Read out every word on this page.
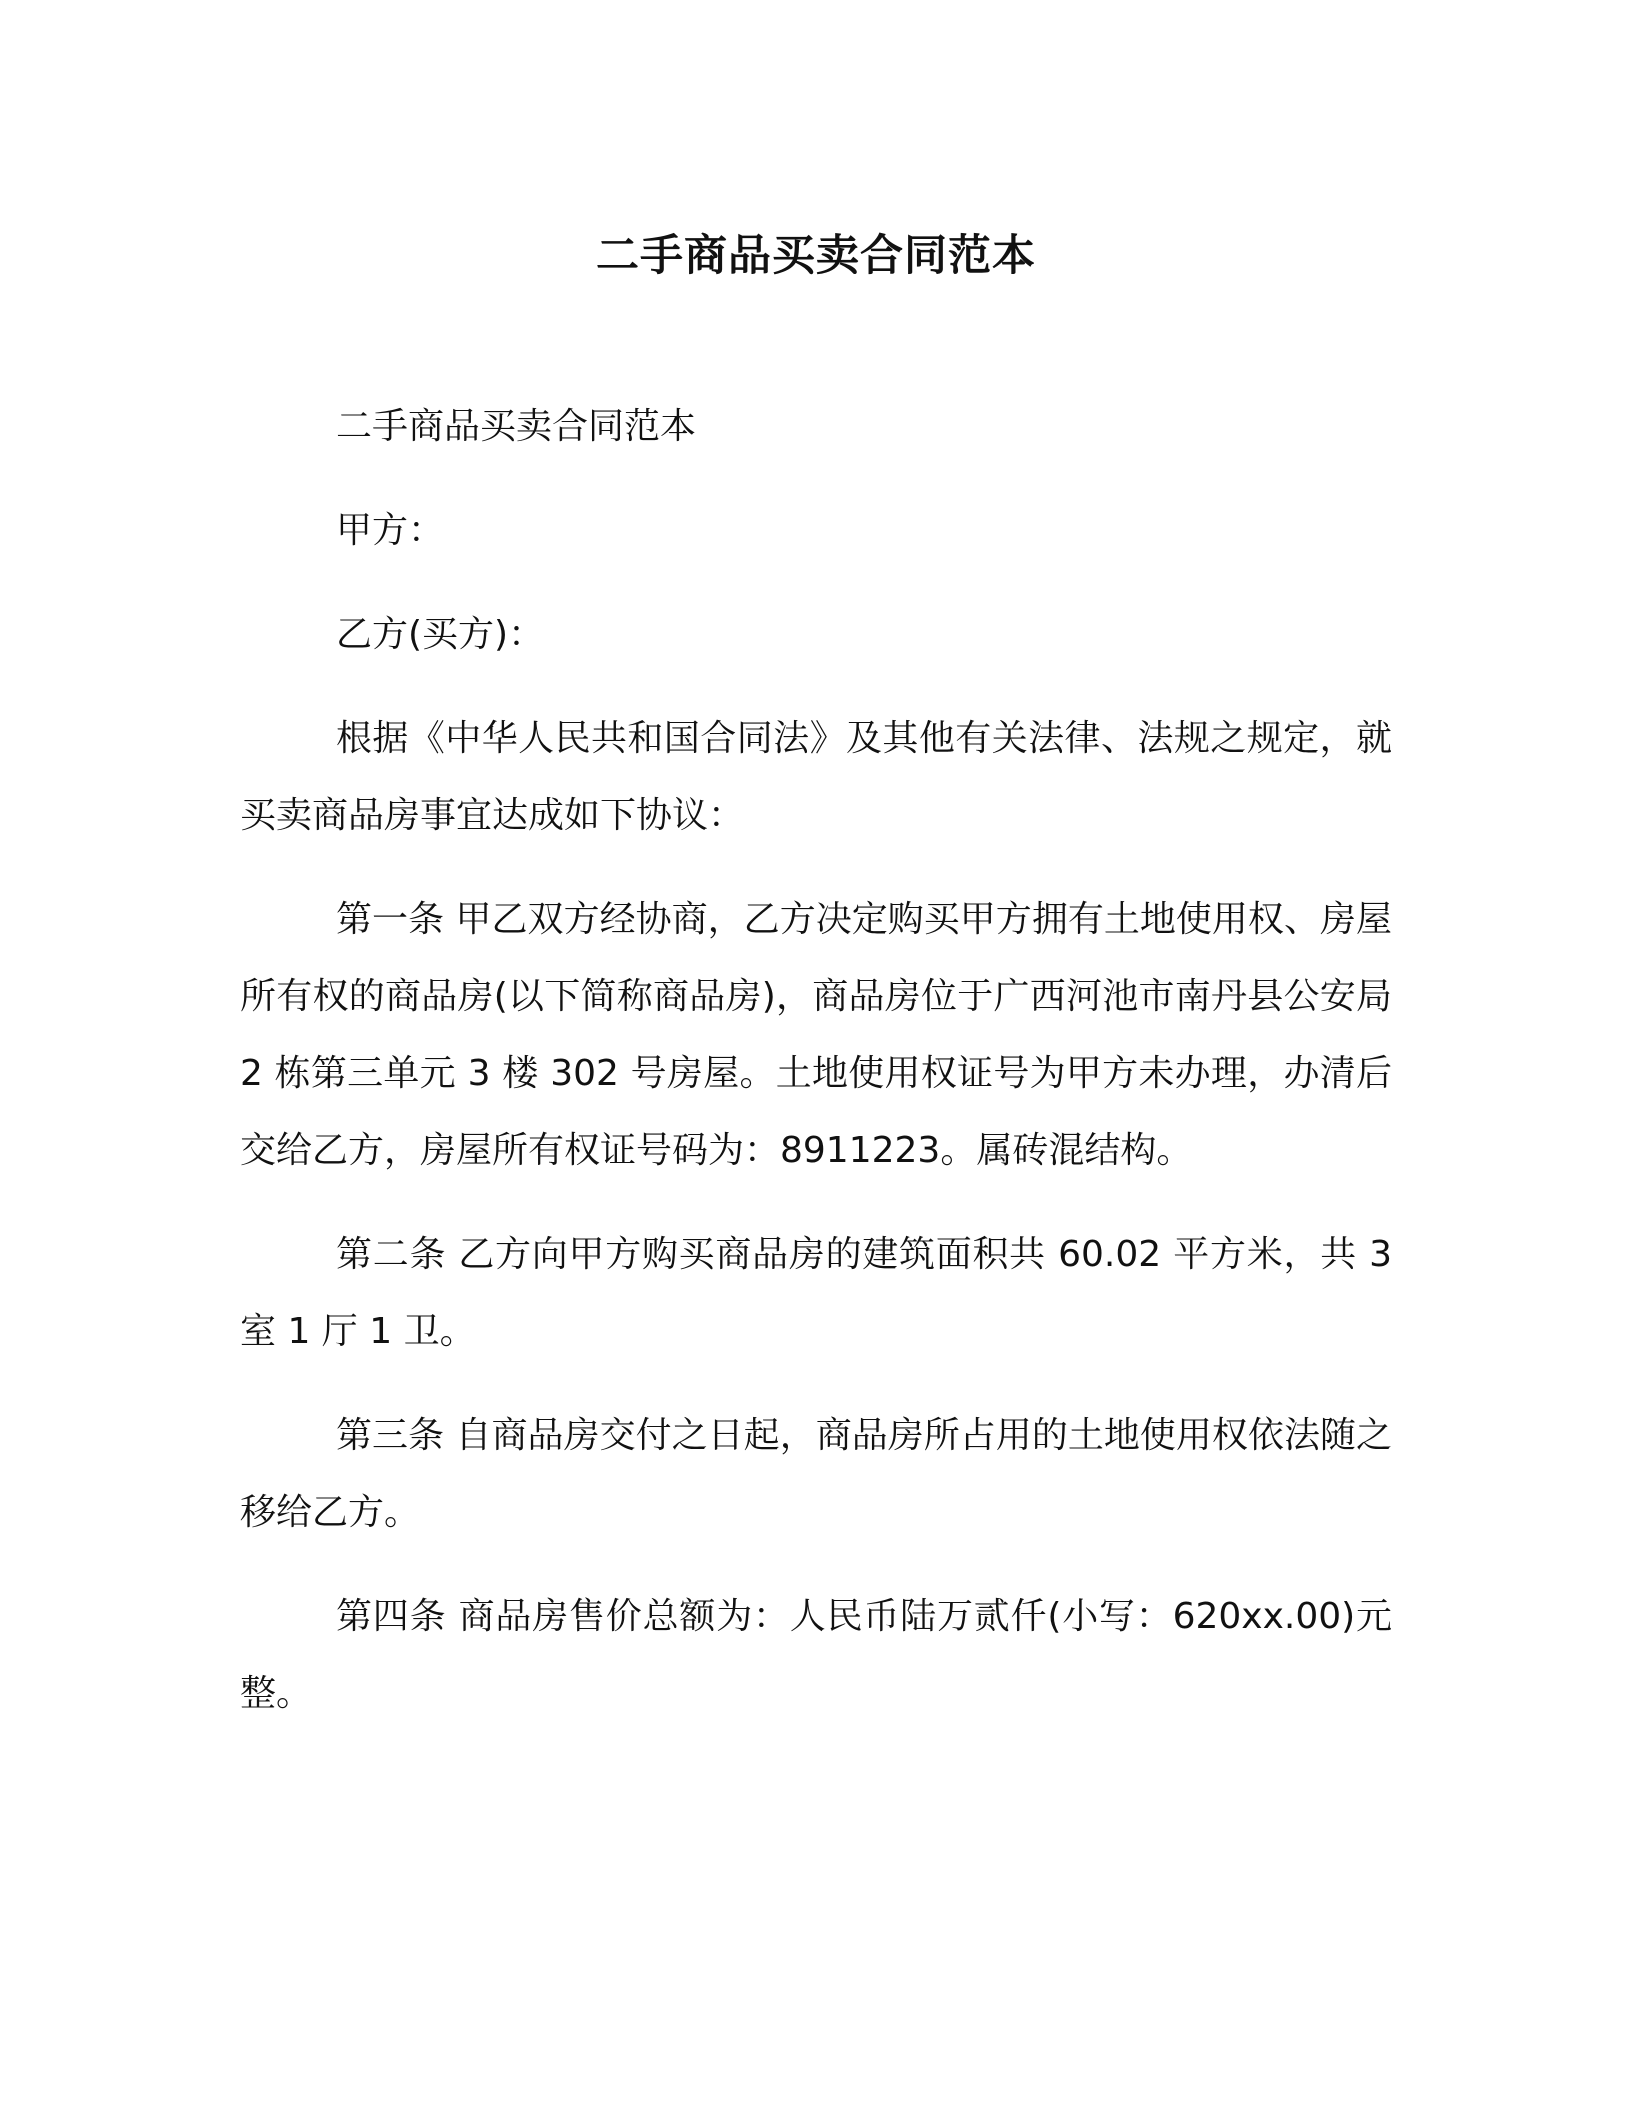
二手商品买卖合同范本

二手商品买卖合同范本

甲方：

乙方(买方)：

根据《中华人民共和国合同法》及其他有关法律、法规之规定，就买卖商品房事宜达成如下协议：

第一条 甲乙双方经协商，乙方决定购买甲方拥有土地使用权、房屋所有权的商品房(以下简称商品房)，商品房位于广西河池市南丹县公安局 2 栋第三单元 3 楼 302 号房屋。土地使用权证号为甲方未办理，办清后交给乙方，房屋所有权证号码为：8911223。属砖混结构。

第二条 乙方向甲方购买商品房的建筑面积共 60.02 平方米，共 3 室 1 厅 1 卫。

第三条 自商品房交付之日起，商品房所占用的土地使用权依法随之移给乙方。

第四条 商品房售价总额为：人民币陆万贰仟(小写：620xx.00)元整。
